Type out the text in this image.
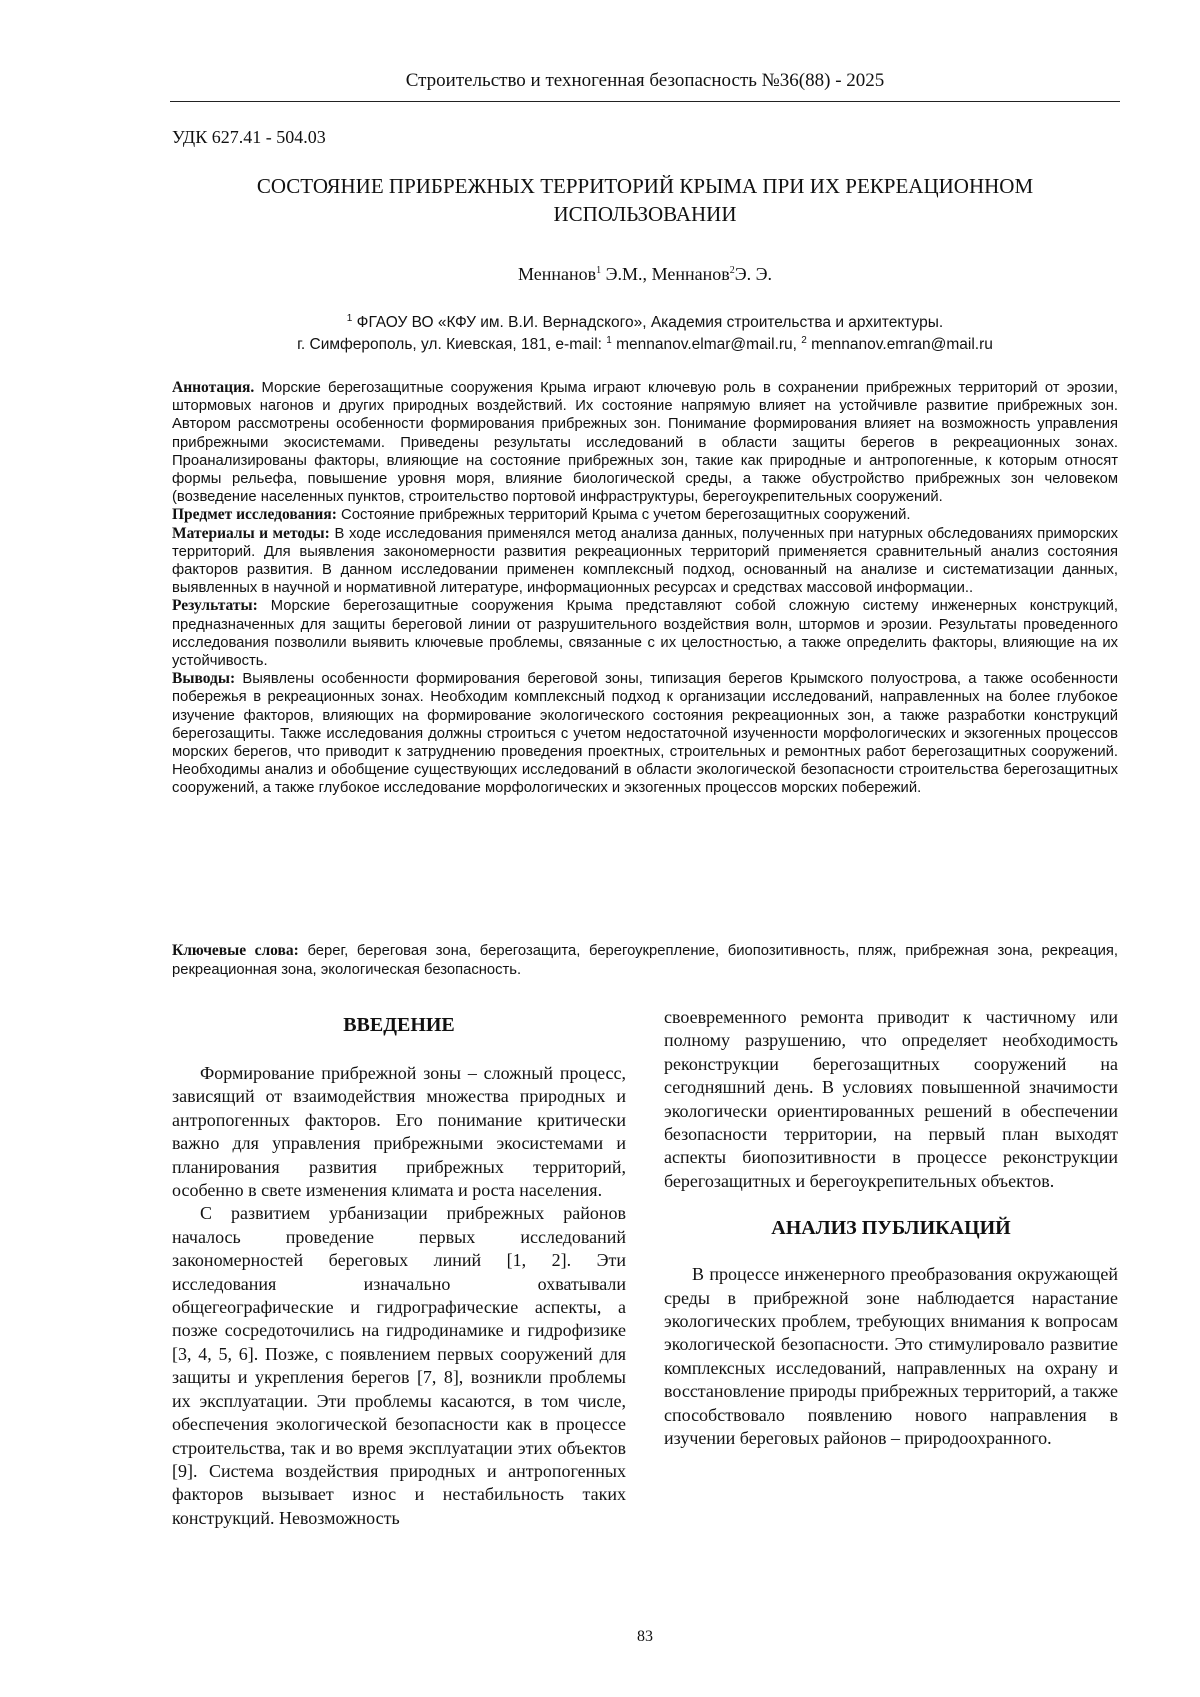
Строительство и техногенная безопасность №36(88) - 2025
УДК 627.41 - 504.03
СОСТОЯНИЕ ПРИБРЕЖНЫХ ТЕРРИТОРИЙ КРЫМА ПРИ ИХ РЕКРЕАЦИОННОМ
ИСПОЛЬЗОВАНИИ
Меннанов$^1$ Э.М., Меннанов$^2$Э. Э.
$^1$ ФГАОУ ВО «КФУ им. В.И. Вернадского», Академия строительства и архитектуры.
г. Симферополь, ул. Киевская, 181, e-mail: $^1$ mennanov.elmar@mail.ru, $^2$ mennanov.emran@mail.ru

Аннотация. Морские берегозащитные сооружения Крыма играют ключевую роль в сохранении прибрежных территорий от эрозии, штормовых нагонов и других природных воздействий. Их состояние напрямую влияет на устойчивле развитие прибрежных зон. Автором рассмотрены особенности формирования прибрежных зон. Понимание формирования влияет на возможность управления прибрежными экосистемами. Приведены результаты исследований в области защиты берегов в рекреационных зонах. Проанализированы факторы, влияющие на состояние прибрежных зон, такие как природные и антропогенные, к которым относят формы рельефа, повышение уровня моря, влияние биологической среды, а также обустройство прибрежных зон человеком (возведение населенных пунктов, строительство портовой инфраструктуры, берегоукрепительных сооружений.

Предмет исследования: Состояние прибрежных территорий Крыма с учетом берегозащитных сооружений.

Материалы и методы: В ходе исследования применялся метод анализа данных, полученных при натурных обследованиях приморских территорий. Для выявления закономерности развития рекреационных территорий применяется сравнительный анализ состояния факторов развития. В данном исследовании применен комплексный подход, основанный на анализе и систематизации данных, выявленных в научной и нормативной литературе, информационных ресурсах и средствах массовой информации..

Результаты: Морские берегозащитные сооружения Крыма представляют собой сложную систему инженерных конструкций, предназначенных для защиты береговой линии от разрушительного воздействия волн, штормов и эрозии. Результаты проведенного исследования позволили выявить ключевые проблемы, связанные с их целостностью, а также определить факторы, влияющие на их устойчивость.

Выводы: Выявлены особенности формирования береговой зоны, типизация берегов Крымского полуострова, а также особенности побережья в рекреационных зонах. Необходим комплексный подход к организации исследований, направленных на более глубокое изучение факторов, влияющих на формирование экологического состояния рекреационных зон, а также разработки конструкций берегозащиты. Также исследования должны строиться с учетом недостаточной изученности морфологических и экзогенных процессов морских берегов, что приводит к затруднению проведения проектных, строительных и ремонтных работ берегозащитных сооружений. Необходимы анализ и обобщение существующих исследований в области экологической безопасности строительства берегозащитных сооружений, а также глубокое исследование морфологических и экзогенных процессов морских побережий.

Ключевые слова: берег, береговая зона, берегозащита, берегоукрепление, биопозитивность, пляж, прибрежная зона, рекреация, рекреационная зона, экологическая безопасность.
ВВЕДЕНИЕ

Формирование прибрежной зоны – сложный процесс, зависящий от взаимодействия множества природных и антропогенных факторов. Его понимание критически важно для управления прибрежными экосистемами и планирования развития прибрежных территорий, особенно в свете изменения климата и роста населения.

С развитием урбанизации прибрежных районов началось проведение первых исследований закономерностей береговых линий [1, 2]. Эти исследования изначально охватывали общегеографические и гидрографические аспекты, а позже сосредоточились на гидродинамике и гидрофизике [3, 4, 5, 6]. Позже, с появлением первых сооружений для защиты и укрепления берегов [7, 8], возникли проблемы их эксплуатации. Эти проблемы касаются, в том числе, обеспечения экологической безопасности как в процессе строительства, так и во время эксплуатации этих объектов [9]. Система воздействия природных и антропогенных факторов вызывает износ и нестабильность таких конструкций. Невозможность

своевременного ремонта приводит к частичному или полному разрушению, что определяет необходимость реконструкции берегозащитных сооружений на сегодняшний день. В условиях повышенной значимости экологически ориентированных решений в обеспечении безопасности территории, на первый план выходят аспекты биопозитивности в процессе реконструкции берегозащитных и берегоукрепительных объектов.

АНАЛИЗ ПУБЛИКАЦИЙ

В процессе инженерного преобразования окружающей среды в прибрежной зоне наблюдается нарастание экологических проблем, требующих внимания к вопросам экологической безопасности. Это стимулировало развитие комплексных исследований, направленных на охрану и восстановление природы прибрежных территорий, а также способствовало появлению нового направления в изучении береговых районов – природоохранного.

83
